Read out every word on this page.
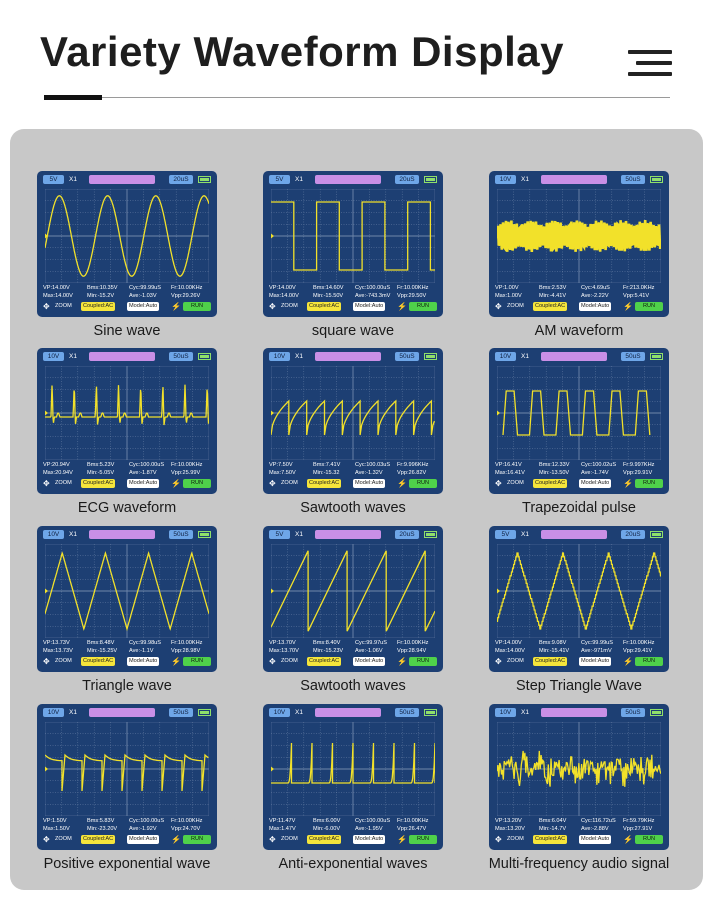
Variety Waveform Display
5V	X1	20uS
VP:14.00V	Bms:10.35V Cyc:99.99uS Fr:10.00KHz
Max:14.00V	Min:-15.2V	Ave:-1.03V	Vpp:29.26V
✥ ZOOM	Coupled:AC	Model:Auto ⚡	RUN
Sine wave
5V	X1	20uS
VP:14.00V	Bms:14.60V Cyc:100.00uS Fr:10.00KHz
Max:14.00V	Min:-15.50V Ave:-743.3mV Vpp:29.50V
✥ ZOOM	Coupled:AC	Model:Auto ⚡	RUN
square wave
10V	X1	50uS
VP:1.00V	Bms:2.53V	Cyc:4.69uS Fr:213.0KHz
Max:1.00V	Min:-4.41V	Ave:-2.22V	Vpp:5.41V
✥ ZOOM	Coupled:AC	Model:Auto ⚡	RUN
AM waveform
10V	X1	50uS
VP:20.94V	Bms:5.23V	Cyc:100.00uS Fr:10.00KHz
Max:20.94V	Min:-5.05V	Ave:-1.87V	Vpp:25.99V
✥ ZOOM	Coupled:AC	Model:Auto ⚡	RUN
ECG waveform
10V	X1	50uS
VP:7.50V	Bms:7.41V	Cyc:100.03uS Fr:9.996KHz
Max:7.50V	Min:-15.32	Ave:-1.32V	Vpp:26.82V
✥ ZOOM	Coupled:AC	Model:Auto ⚡	RUN
Sawtooth waves
10V	X1	50uS
VP:16.41V	Bms:12.33V Cyc:100.02uS Fr:9.997KHz
Max:16.41V	Min:-13.50V Ave:-1.74V	Vpp:29.91V
✥ ZOOM	Coupled:AC	Model:Auto ⚡	RUN
Trapezoidal pulse
10V	X1	50uS
VP:13.73V	Bms:8.48V	Cyc:99.98uS Fr:10.00KHz
Max:13.73V	Min:-15.25V Ave:-1.1V	Vpp:28.98V
✥ ZOOM	Coupled:AC	Model:Auto ⚡	RUN
Triangle wave
5V	X1	20uS
VP:13.70V	Bms:8.40V	Cyc:99.97uS Fr:10.00KHz
Max:13.70V	Min:-15.23V Ave:-1.06V	Vpp:28.94V
✥ ZOOM	Coupled:AC	Model:Auto ⚡	RUN
Sawtooth waves
5V	X1	20uS
VP:14.00V	Bms:9.08V	Cyc:99.99uS Fr:10.00KHz
Max:14.00V	Min:-15.41V Ave:-971mV Vpp:29.41V
✥ ZOOM	Coupled:AC	Model:Auto ⚡	RUN
Step Triangle Wave
10V	X1	50uS
VP:1.50V	Bms:5.83V	Cyc:100.00uS Fr:10.00KHz
Max:1.50V	Min:-23.20V Ave:-1.92V	Vpp:24.70V
✥ ZOOM	Coupled:AC	Model:Auto ⚡	RUN
Positive exponential wave
10V	X1	50uS
VP:11.47V	Bms:6.00V	Cyc:100.00uS Fr:10.00KHz
Max:1.47V	Min:-6.00V	Ave:-1.95V	Vpp:26.47V
✥ ZOOM	Coupled:AC	Model:Auto ⚡	RUN
Anti-exponential waves
10V	X1	50uS
VP:13.20V	Bms:6.04V	Cyc:116.72uS Fr:59.79KHz
Max:13.20V	Min:-14.7V	Ave:-2.88V	Vpp:27.91V
✥ ZOOM	Coupled:AC	Model:Auto ⚡	RUN
Multi-frequency audio signal
